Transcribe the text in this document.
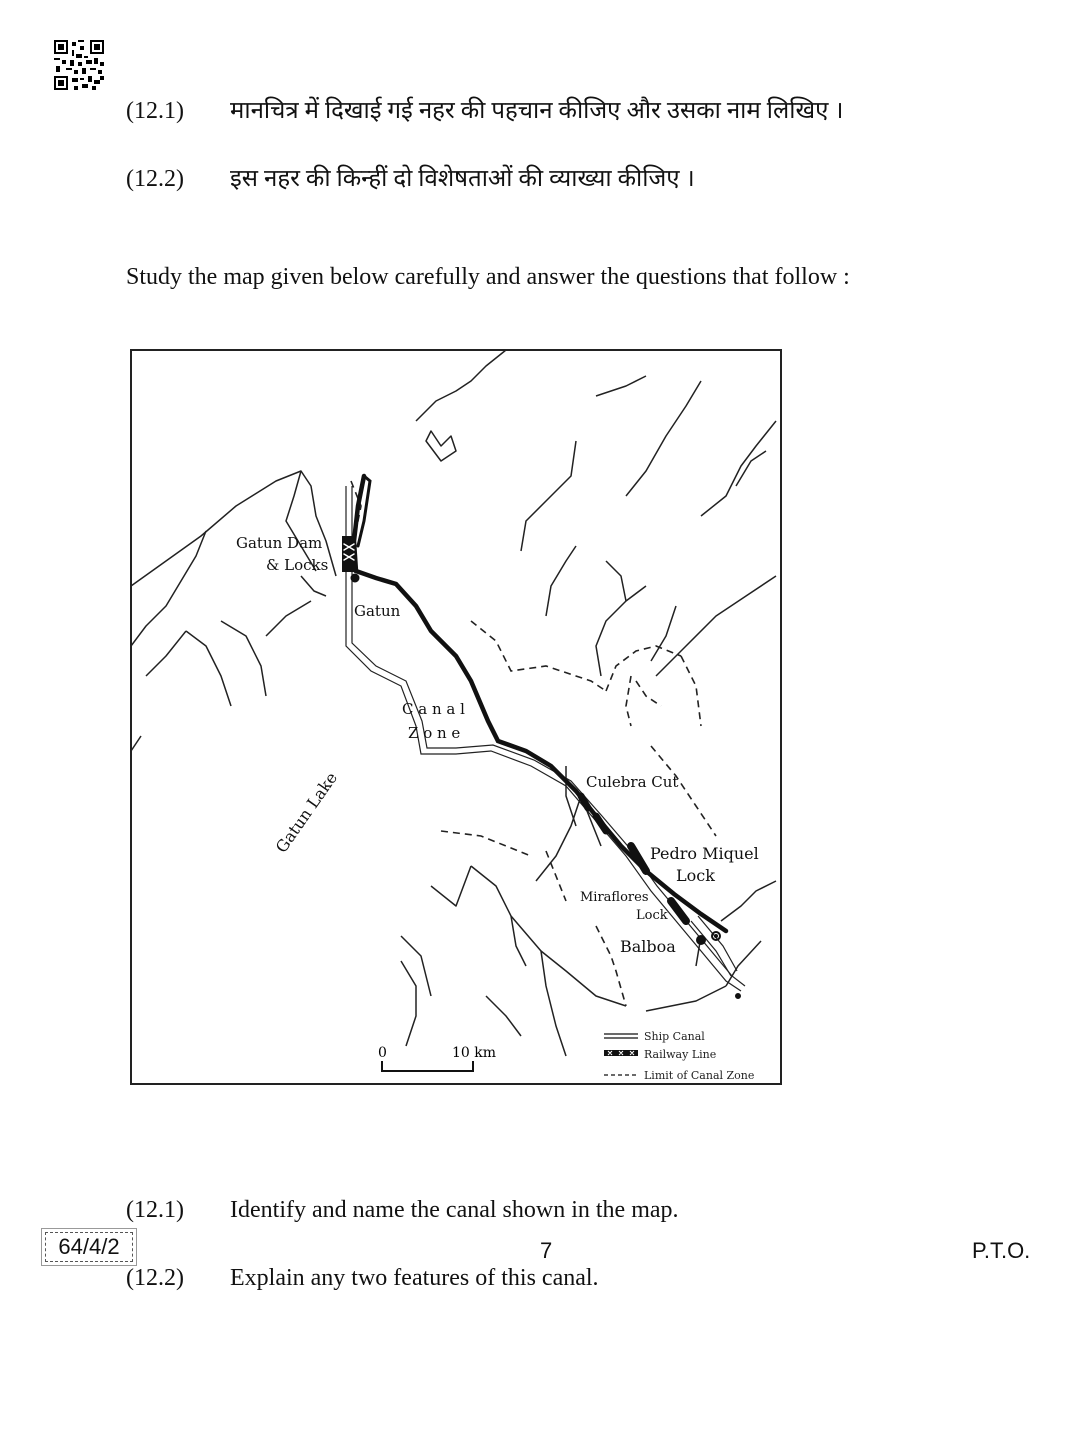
(12.1) मानचित्र में दिखाई गई नहर की पहचान कीजिए और उसका नाम लिखिए ।
(12.2) इस नहर की किन्हीं दो विशेषताओं की व्याख्या कीजिए ।
Study the map given below carefully and answer the questions that follow :
Gatun Dam
& Locks
Gatun
C a n a l
Z o n e
Gatun Lake	Culebra Cut
Pedro Miquel
Lock
Miraflores
Lock
Balboa
0	10 km
Ship Canal
Railway Line
Limit of Canal Zone
(12.1) Identify and name the canal shown in the map.
(12.2) Explain any two features of this canal.
64/4/2	7	P.T.O.
